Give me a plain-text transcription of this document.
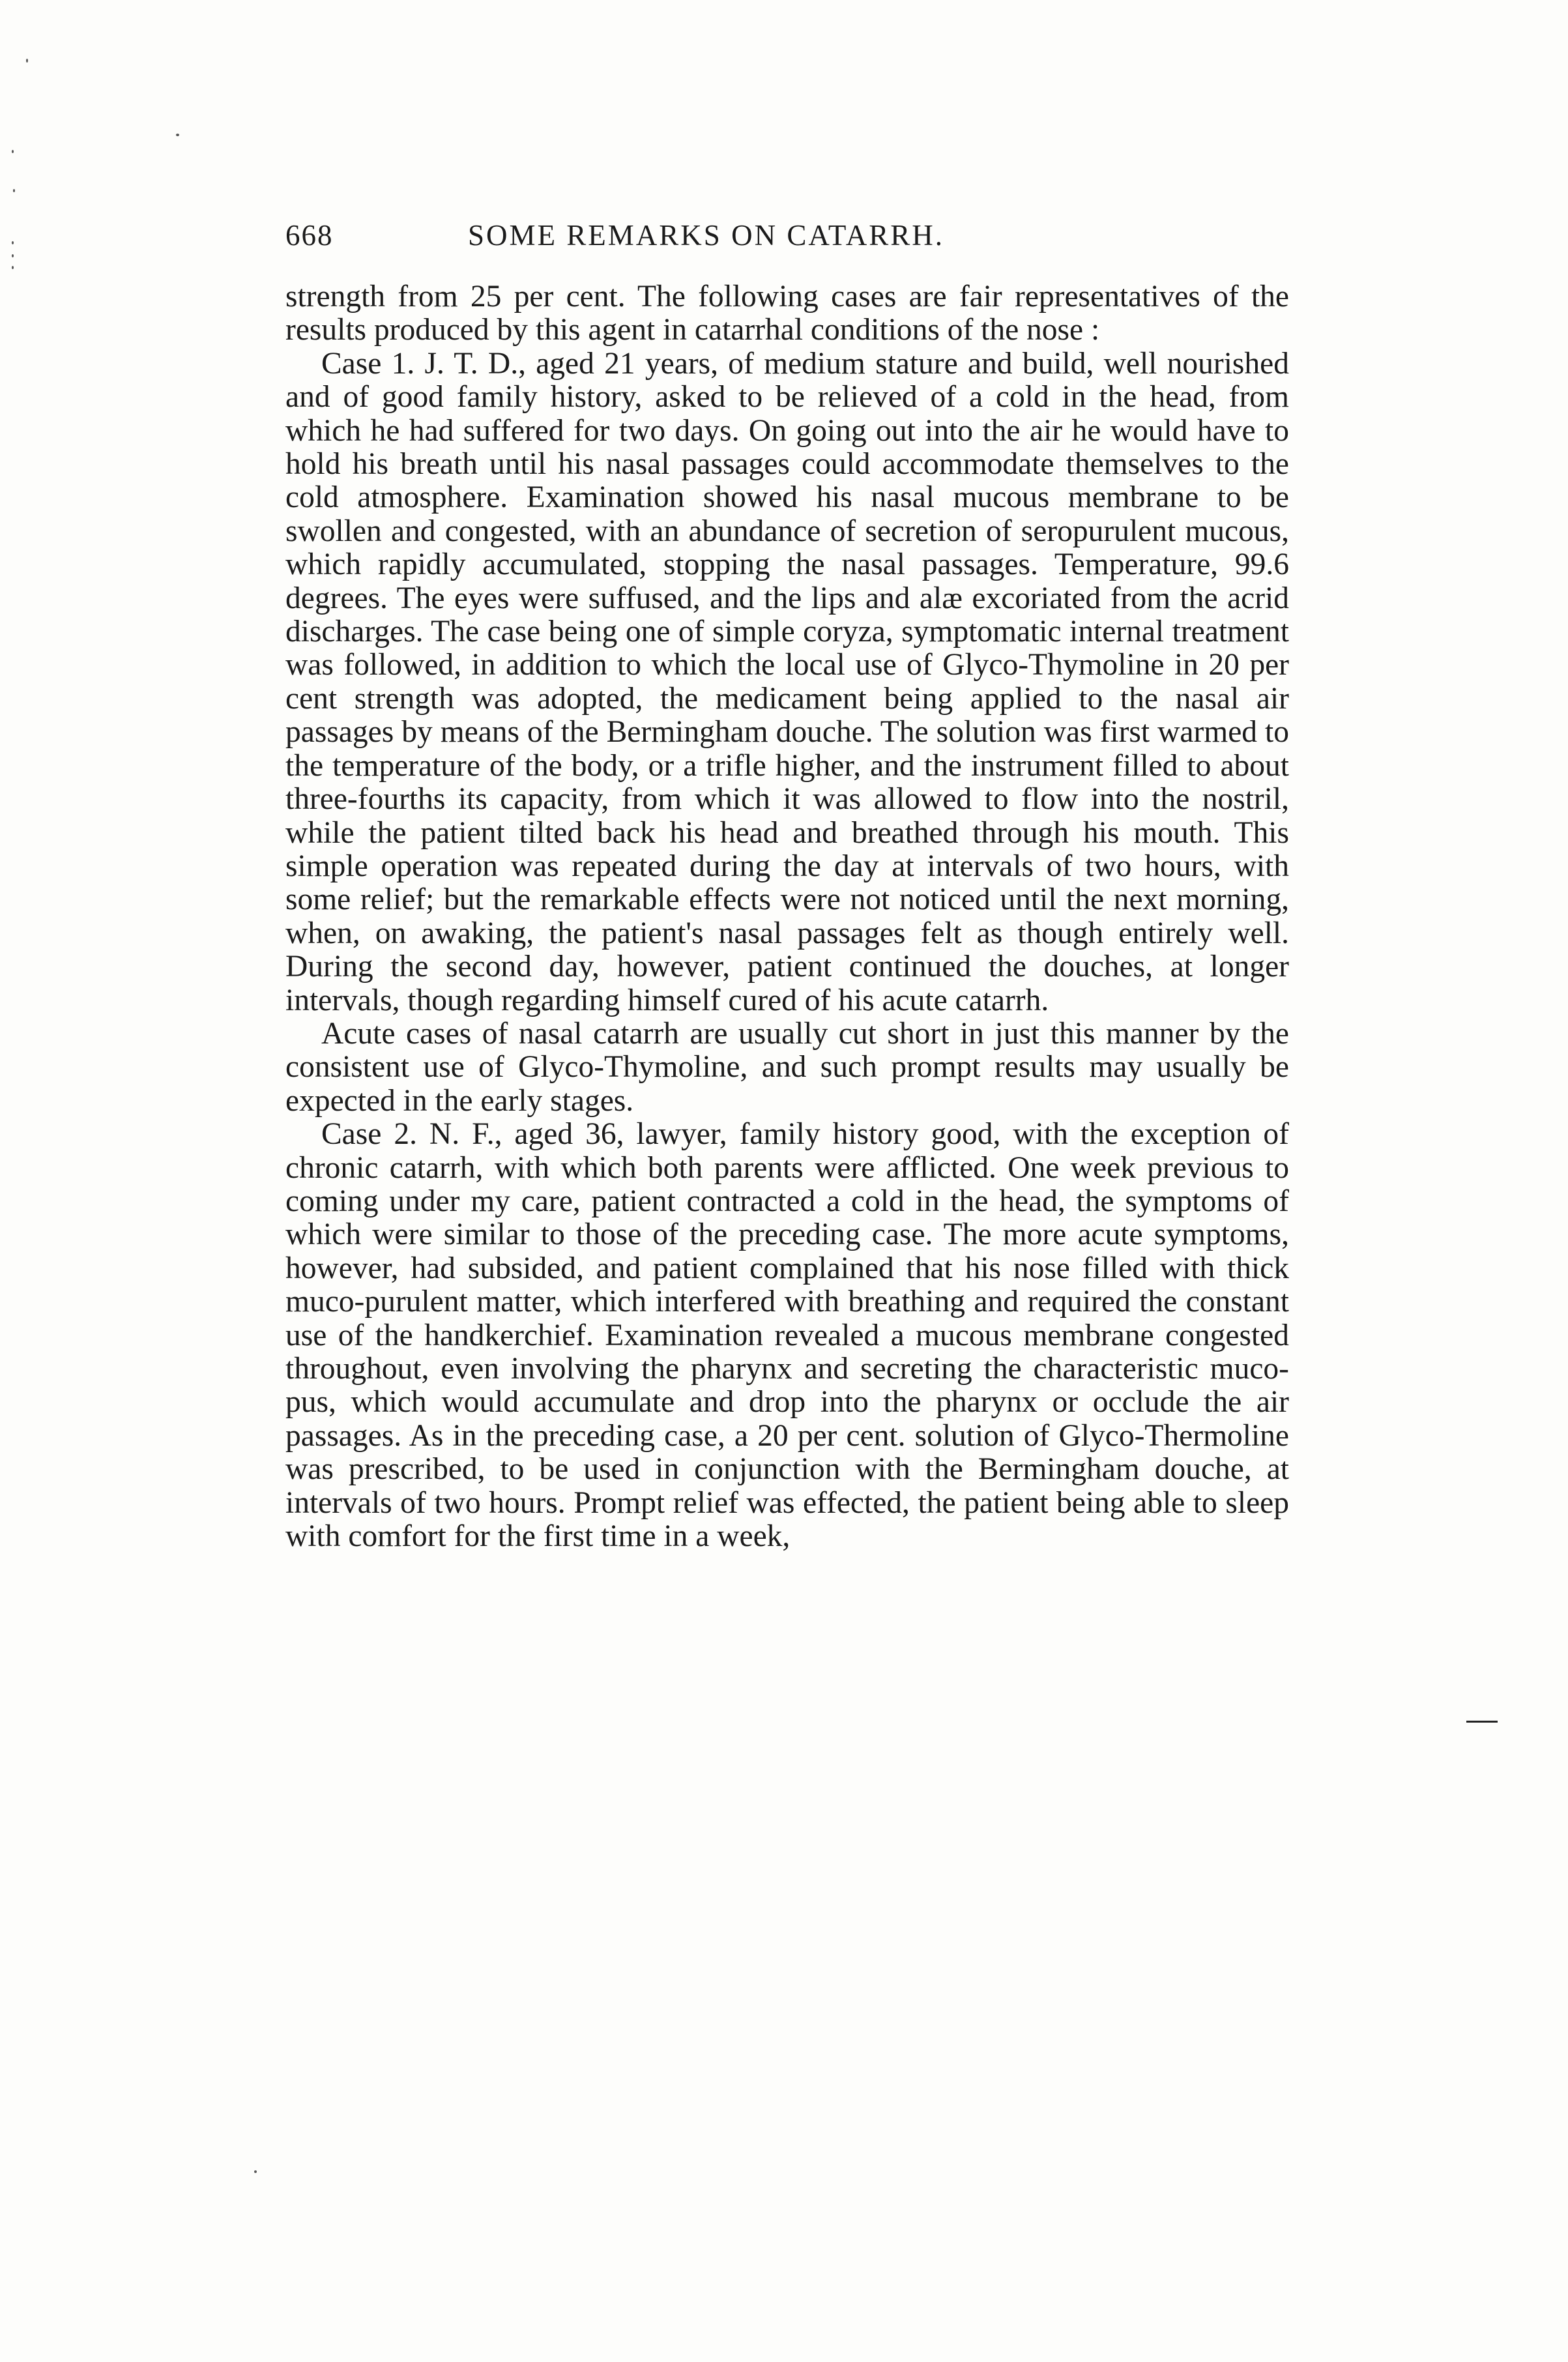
668	SOME REMARKS ON CATARRH.

strength from 25 per cent. The following cases are fair representatives of the results produced by this agent in catarrhal conditions of the nose :

Case 1. J. T. D., aged 21 years, of medium stature and build, well nourished and of good family history, asked to be relieved of a cold in the head, from which he had suffered for two days. On going out into the air he would have to hold his breath until his nasal passages could accommodate themselves to the cold atmosphere. Examination showed his nasal mucous membrane to be swollen and congested, with an abundance of secretion of seropurulent mucous, which rapidly accumulated, stopping the nasal passages. Temperature, 99.6 degrees. The eyes were suffused, and the lips and alæ excoriated from the acrid discharges. The case being one of simple coryza, symptomatic internal treatment was followed, in addition to which the local use of Glyco-Thymoline in 20 per cent strength was adopted, the medicament being applied to the nasal air passages by means of the Bermingham douche. The solution was first warmed to the temperature of the body, or a trifle higher, and the instrument filled to about three-fourths its capacity, from which it was allowed to flow into the nostril, while the patient tilted back his head and breathed through his mouth. This simple operation was repeated during the day at intervals of two hours, with some relief; but the remarkable effects were not noticed until the next morning, when, on awaking, the patient's nasal passages felt as though entirely well. During the second day, however, patient continued the douches, at longer intervals, though regarding himself cured of his acute catarrh.

Acute cases of nasal catarrh are usually cut short in just this manner by the consistent use of Glyco-Thymoline, and such prompt results may usually be expected in the early stages.

Case 2. N. F., aged 36, lawyer, family history good, with the exception of chronic catarrh, with which both parents were afflicted. One week previous to coming under my care, patient contracted a cold in the head, the symptoms of which were similar to those of the preceding case. The more acute symptoms, however, had subsided, and patient complained that his nose filled with thick muco-purulent matter, which interfered with breathing and required the constant use of the handkerchief. Examination revealed a mucous membrane congested throughout, even involving the pharynx and secreting the characteristic muco-pus, which would accumulate and drop into the pharynx or occlude the air passages. As in the preceding case, a 20 per cent. solution of Glyco-Thermoline was prescribed, to be used in conjunction with the Bermingham douche, at intervals of two hours. Prompt relief was effected, the patient being able to sleep with comfort for the first time in a week,
